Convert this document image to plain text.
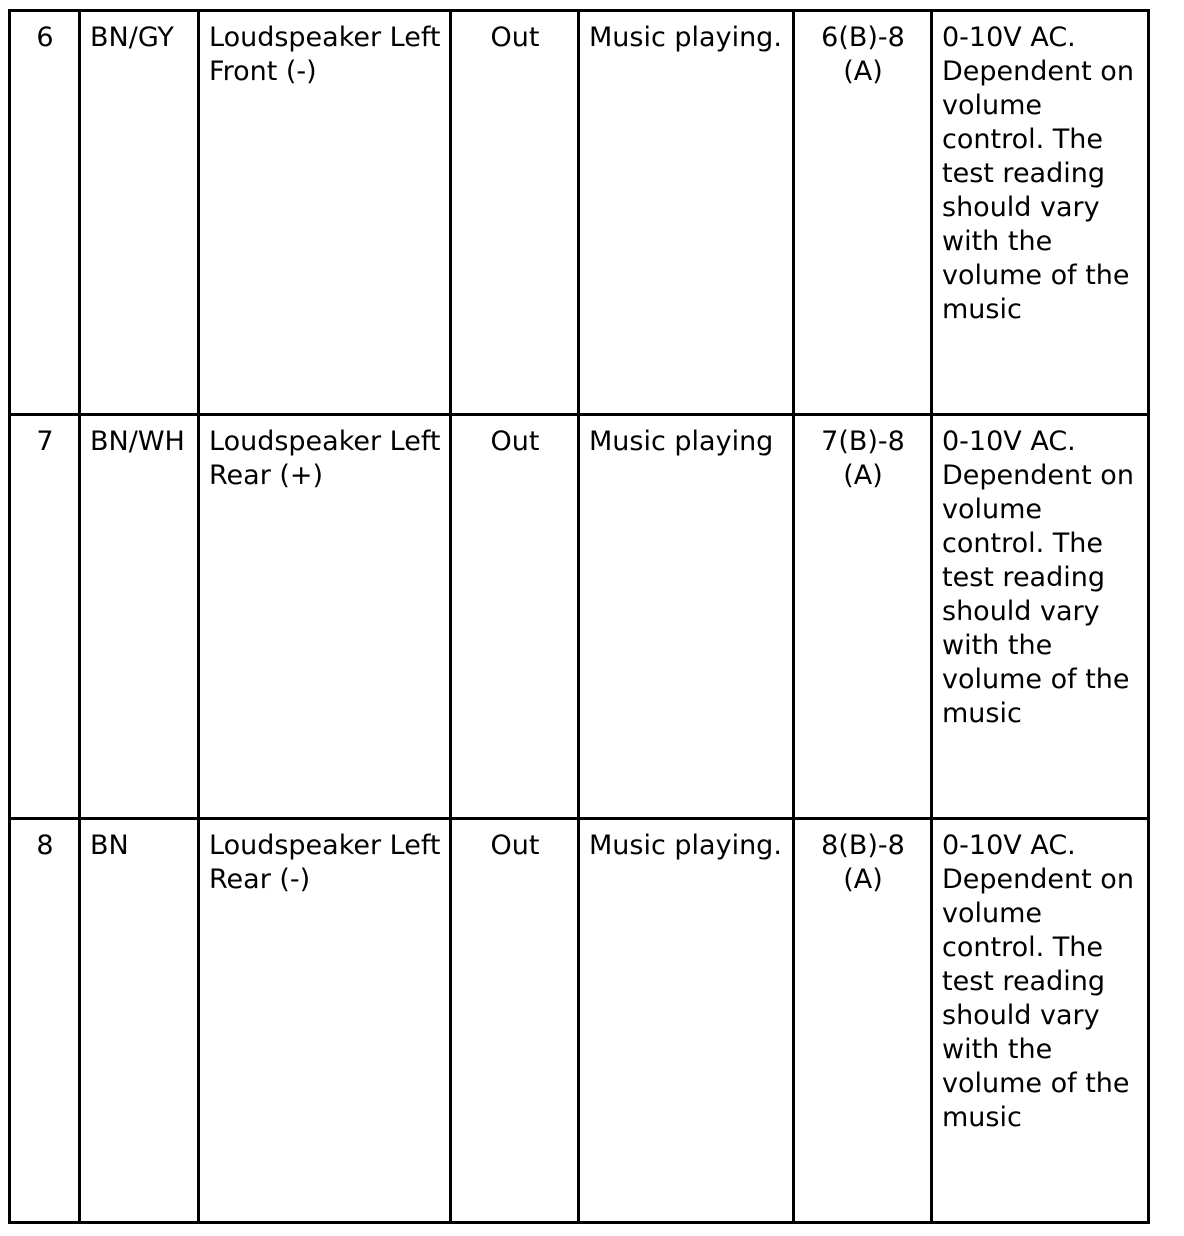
6	BN/GY	Loudspeaker Left Front (-)	Out	Music playing.	6(B)-8 (A)	0-10V AC. Dependent on volume control. The test reading should vary with the volume of the music
7	BN/WH	Loudspeaker Left Rear (+)	Out	Music playing	7(B)-8 (A)	0-10V AC. Dependent on volume control. The test reading should vary with the volume of the music
8	BN	Loudspeaker Left Rear (-)	Out	Music playing.	8(B)-8 (A)	0-10V AC. Dependent on volume control. The test reading should vary with the volume of the music
